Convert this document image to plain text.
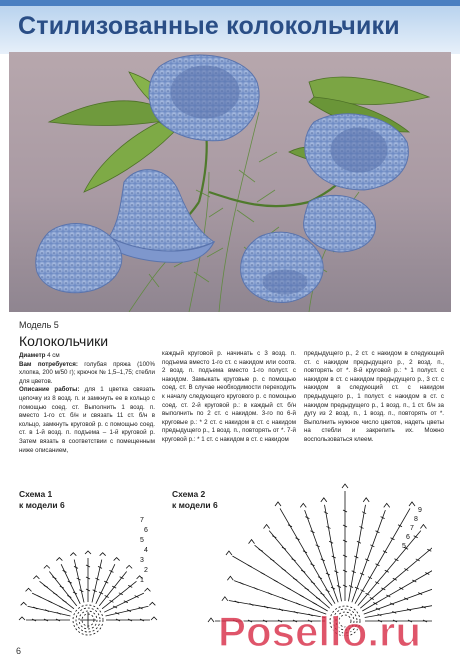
Стилизованные колокольчики
Модель 5
Колокольчики

Диаметр 4 см

Вам потребуется: голубая пряжа (100% хлопка, 200 м/50 г); крючок № 1,5–1,75; стебли для цветов.

Описание работы: для 1 цветка связать цепочку из 8 возд. п. и замкнуть ее в кольцо с помощью соед. ст. Выполнить 1 возд. п. вместо 1-го ст. б/н и связать 11 ст. б/н в кольцо, замкнуть круговой р. с помощью соед. ст. в 1-й возд. п. подъема – 1-й круговой р. Затем вязать в соответствии с помещенным ниже описанием,

каждый круговой р. начинать с 3 возд. п. подъема вместо 1-го ст. с накидом или соотв. 2 возд. п. подъема вместо 1-го полуст. с накидом. Замыкать круговые р. с помощью соед. ст. В случае необходимости переходить к началу следующего кругового р. с помощью соед. ст. 2-й круговой р.: в каждый ст. б/н выполнить по 2 ст. с накидом. 3-го по 6-й круговые р.: * 2 ст. с накидом в ст. с накидом предыдущего р., 1 возд. п., повторять от *. 7-й круговой р.: * 1 ст. с накидом в ст. с накидом

предыдущего р., 2 ст. с накидом в следующий ст. с накидом предыдущего р., 2 возд. п., повторять от *. 8-й круговой р.: * 1 полуст. с накидом в ст. с накидом предыдущего р., 3 ст. с накидом в следующий ст. с накидом предыдущего р., 1 полуст. с накидом в ст. с накидом предыдущего р., 1 возд. п., 1 ст. б/н за дугу из 2 возд. п., 1 возд. п., повторять от *. Выполнить нужное число цветов, надеть цветы на стебли и закрепить их. Можно воспользоваться клеем.

Схема 1
к модели 6
Схема 2
к модели 6
7
6
5
4
3
2
1
9
8
7
6
5
Posello.ru
6
